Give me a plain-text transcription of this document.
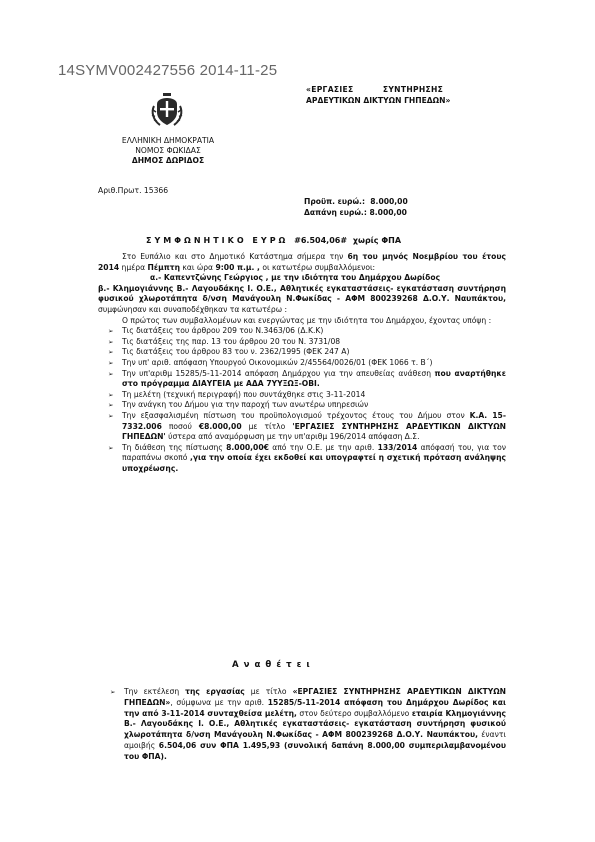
14SYMV002427556 2014-11-25
ΕΛΛΗΝΙΚΗ ΔΗΜΟΚΡΑΤΙΑ
ΝΟΜΟΣ ΦΩΚΙΔΑΣ
ΔΗΜΟΣ ΔΩΡΙΔΟΣ
«ΕΡΓΑΣΙΕΣ          ΣΥΝΤΗΡΗΣΗΣ
ΑΡΔΕΥΤΙΚΩΝ ΔΙΚΤΥΩΝ ΓΗΠΕΔΩΝ»
Αριθ.Πρωτ. 15366
Προϋπ. ευρώ.:  8.000,00
Δαπάνη ευρώ.: 8.000,00
ΣΥΜΦΩΝΗΤΙΚΟ ΕΥΡΩ #6.504,06# χωρίς ΦΠΑ

Στο Ευπάλιο και στο Δημοτικό Κατάστημα σήμερα την 6η του μηνός Νοεμβρίου του έτους 2014 ημέρα Πέμπτη και ώρα 9:00 π.μ. , οι κατωτέρω συμβαλλόμενοι:

α.- Καπεντζώνης Γεώργιος , με την ιδιότητα του Δημάρχου Δωρίδος

β.- Κλημογιάννης Β.- Λαγουδάκης Ι. Ο.Ε., Αθλητικές εγκαταστάσεις- εγκατάσταση συντήρηση φυσικού χλωροτάπητα δ/νση Μανάγουλη Ν.Φωκίδας - ΑΦΜ 800239268 Δ.Ο.Υ. Ναυπάκτου, συμφώνησαν και συναποδέχθηκαν τα κατωτέρω :

Ο πρώτος των συμβαλλομένων και ενεργώντας με την ιδιότητα του Δημάρχου, έχοντας υπόψη :

➢ Τις διατάξεις του άρθρου 209 του Ν.3463/06 (Δ.Κ.Κ)
➢ Τις διατάξεις της παρ. 13 του άρθρου 20 του Ν. 3731/08
➢ Τις διατάξεις του άρθρου 83 του ν. 2362/1995 (ΦΕΚ 247 Α)
➢ Την υπ' αριθ. απόφαση Υπουργού Οικονομικών 2/45564/0026/01 (ΦΕΚ 1066 τ. Β΄)
➢ Την υπ'αριθμ 15285/5-11-2014 απόφαση Δημάρχου για την απευθείας ανάθεση που αναρτήθηκε στο πρόγραμμα ΔΙΑΥΓΕΙΑ με ΑΔΑ 7ΥΥΞΩΞ-ΟΒΙ.
➢ Τη μελέτη (τεχνική περιγραφή) που συντάχθηκε στις 3-11-2014
➢ Την ανάγκη του Δήμου για την παροχή των ανωτέρω υπηρεσιών
➢ Την εξασφαλισμένη πίστωση του προϋπολογισμού τρέχοντος έτους του Δήμου στον Κ.Α. 15-7332.006 ποσού €8.000,00 με τίτλο 'ΕΡΓΑΣΙΕΣ ΣΥΝΤΗΡΗΣΗΣ ΑΡΔΕΥΤΙΚΩΝ ΔΙΚΤΥΩΝ ΓΗΠΕΔΩΝ' ύστερα από αναμόρφωση με την υπ'αριθμ 196/2014 απόφαση Δ.Σ.
➢ Τη διάθεση της πίστωσης 8.000,00€ από την Ο.Ε. με την αριθ. 133/2014 απόφασή του, για τον παραπάνω σκοπό ,για την οποία έχει εκδοθεί και υπογραφτεί η σχετική πρόταση ανάληψης υποχρέωσης.
Αναθέτει
➢	Την εκτέλεση της εργασίας με τίτλο «ΕΡΓΑΣΙΕΣ ΣΥΝΤΗΡΗΣΗΣ ΑΡΔΕΥΤΙΚΩΝ ΔΙΚΤΥΩΝ ΓΗΠΕΔΩΝ», σύμφωνα με την αριθ. 15285/5-11-2014 απόφαση του Δημάρχου Δωρίδος και την από 3-11-2014 συνταχθείσα μελέτη, στον δεύτερο συμβαλλόμενο εταιρία Κλημογιάννης Β.- Λαγουδάκης Ι. Ο.Ε., Αθλητικές εγκαταστάσεις- εγκατάσταση συντήρηση φυσικού χλωροτάπητα δ/νση Μανάγουλη Ν.Φωκίδας - ΑΦΜ 800239268 Δ.Ο.Υ. Ναυπάκτου, έναντι αμοιβής 6.504,06 συν ΦΠΑ 1.495,93 (συνολική δαπάνη 8.000,00 συμπεριλαμβανομένου του ΦΠΑ).
